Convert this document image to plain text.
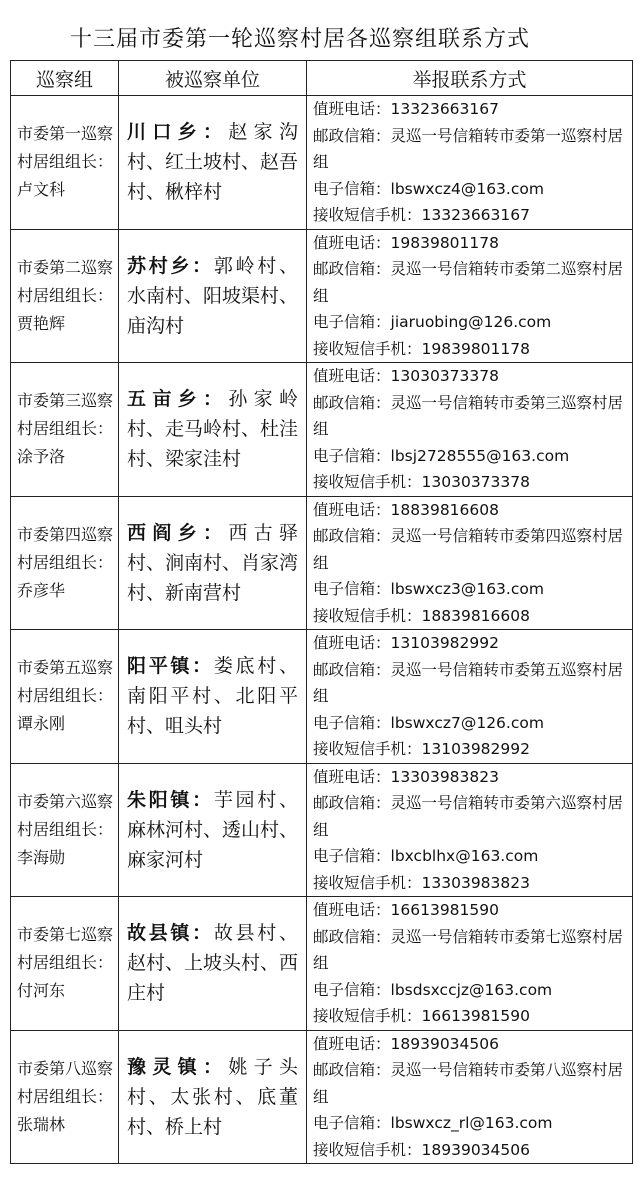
十三届市委第一轮巡察村居各巡察组联系方式
巡察组	被巡察单位	举报联系方式
市委第一巡察村居组组长：卢文科	川口乡：赵家沟村、红土坡村、赵吾村、楸梓村	值班电话：13323663167
邮政信箱：灵巡一号信箱转市委第一巡察村居组
电子信箱：lbswxcz4@163.com
接收短信手机：13323663167

市委第二巡察村居组组长：贾艳辉	苏村乡：郭岭村、水南村、阳坡渠村、庙沟村	值班电话：19839801178
邮政信箱：灵巡一号信箱转市委第二巡察村居组
电子信箱：jiaruobing@126.com
接收短信手机：19839801178

市委第三巡察村居组组长：涂予洛	五亩乡：孙家岭村、走马岭村、杜洼村、梁家洼村	值班电话：13030373378
邮政信箱：灵巡一号信箱转市委第三巡察村居组
电子信箱：lbsj2728555@163.com
接收短信手机：13030373378

市委第四巡察村居组组长：乔彦华	西阎乡：西古驿村、涧南村、肖家湾村、新南营村	值班电话：18839816608
邮政信箱：灵巡一号信箱转市委第四巡察村居组
电子信箱：lbswxcz3@163.com
接收短信手机：18839816608

市委第五巡察村居组组长：谭永刚	阳平镇：娄底村、南阳平村、北阳平村、咀头村	值班电话：13103982992
邮政信箱：灵巡一号信箱转市委第五巡察村居组
电子信箱：lbswxcz7@126.com
接收短信手机：13103982992

市委第六巡察村居组组长：李海勋	朱阳镇：芋园村、麻林河村、透山村、麻家河村	值班电话：13303983823
邮政信箱：灵巡一号信箱转市委第六巡察村居组
电子信箱：lbxcblhx@163.com
接收短信手机：13303983823

市委第七巡察村居组组长：付河东	故县镇：故县村、赵村、上坡头村、西庄村	值班电话：16613981590
邮政信箱：灵巡一号信箱转市委第七巡察村居组
电子信箱：lbsdsxccjz@163.com
接收短信手机：16613981590

市委第八巡察村居组组长：张瑞林	豫灵镇：姚子头村、太张村、底董村、桥上村	值班电话：18939034506
邮政信箱：灵巡一号信箱转市委第八巡察村居组
电子信箱：lbswxcz_rl@163.com
接收短信手机：18939034506
